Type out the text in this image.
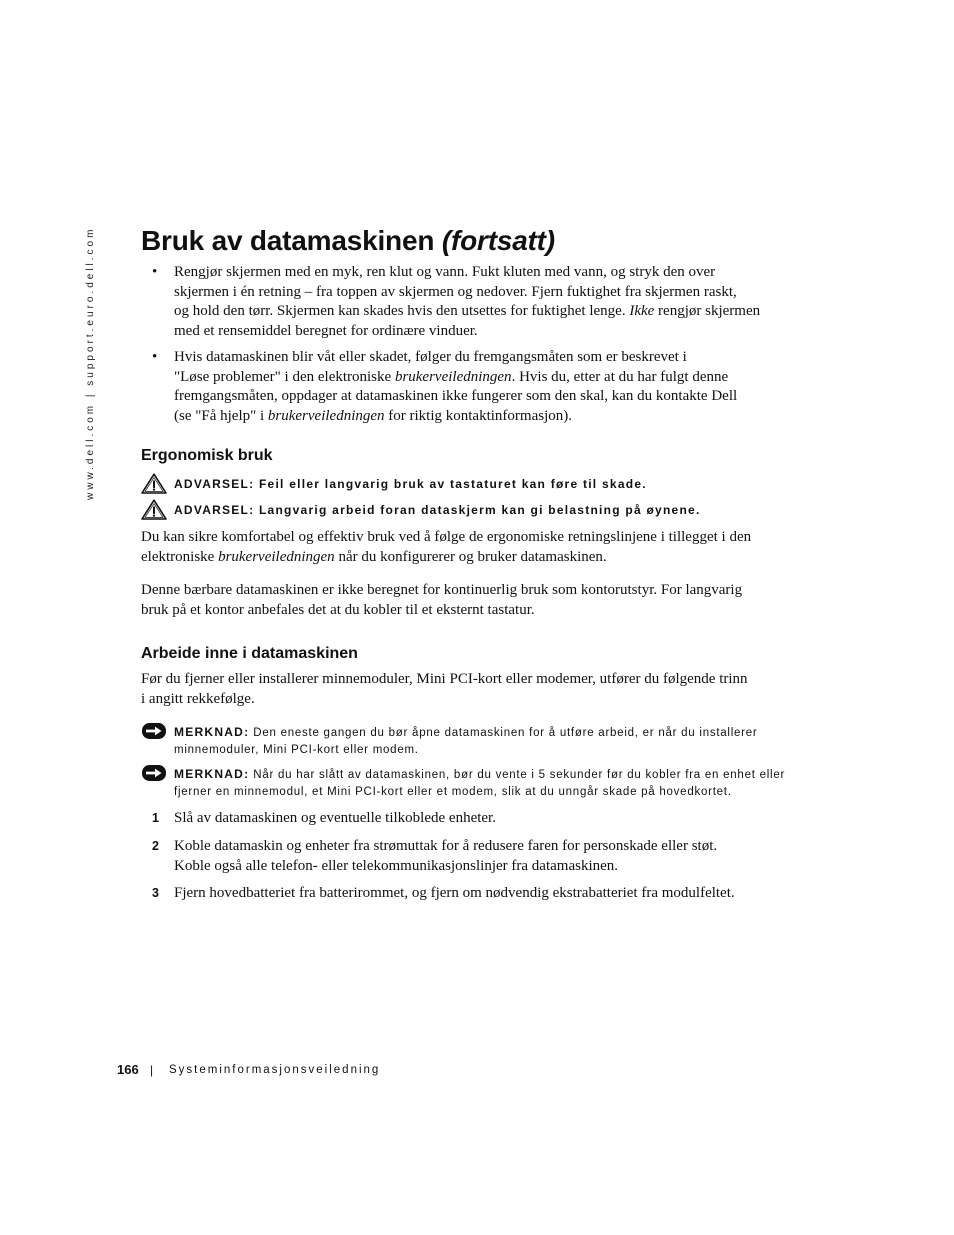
www.dell.com | support.euro.dell.com Bruk av datamaskinen (fortsatt)
•	Rengjør skjermen med en myk, ren klut og vann. Fukt kluten med vann, og stryk den over
skjermen i én retning – fra toppen av skjermen og nedover. Fjern fuktighet fra skjermen raskt,
og hold den tørr. Skjermen kan skades hvis den utsettes for fuktighet lenge. Ikke rengjør skjermen
med et rensemiddel beregnet for ordinære vinduer.
•	Hvis datamaskinen blir våt eller skadet, følger du fremgangsmåten som er beskrevet i
"Løse problemer" i den elektroniske brukerveiledningen. Hvis du, etter at du har fulgt denne
fremgangsmåten, oppdager at datamaskinen ikke fungerer som den skal, kan du kontakte Dell
(se "Få hjelp" i brukerveiledningen for riktig kontaktinformasjon).
Ergonomisk bruk
ADVARSEL: Feil eller langvarig bruk av tastaturet kan føre til skade.
ADVARSEL: Langvarig arbeid foran dataskjerm kan gi belastning på øynene.
Du kan sikre komfortabel og effektiv bruk ved å følge de ergonomiske retningslinjene i tillegget i den
elektroniske brukerveiledningen når du konfigurerer og bruker datamaskinen.
Denne bærbare datamaskinen er ikke beregnet for kontinuerlig bruk som kontorutstyr. For langvarig
bruk på et kontor anbefales det at du kobler til et eksternt tastatur.
Arbeide inne i datamaskinen
Før du fjerner eller installerer minnemoduler, Mini PCI-kort eller modemer, utfører du følgende trinn
i angitt rekkefølge.
MERKNAD: Den eneste gangen du bør åpne datamaskinen for å utføre arbeid, er når du installerer
minnemoduler, Mini PCI-kort eller modem.
MERKNAD: Når du har slått av datamaskinen, bør du vente i 5 sekunder før du kobler fra en enhet eller
fjerner en minnemodul, et Mini PCI-kort eller et modem, slik at du unngår skade på hovedkortet.
1	Slå av datamaskinen og eventuelle tilkoblede enheter.
2	Koble datamaskin og enheter fra strømuttak for å redusere faren for personskade eller støt.
Koble også alle telefon- eller telekommunikasjonslinjer fra datamaskinen.
3	Fjern hovedbatteriet fra batterirommet, og fjern om nødvendig ekstrabatteriet fra modulfeltet.
166 | Systeminformasjonsveiledning
